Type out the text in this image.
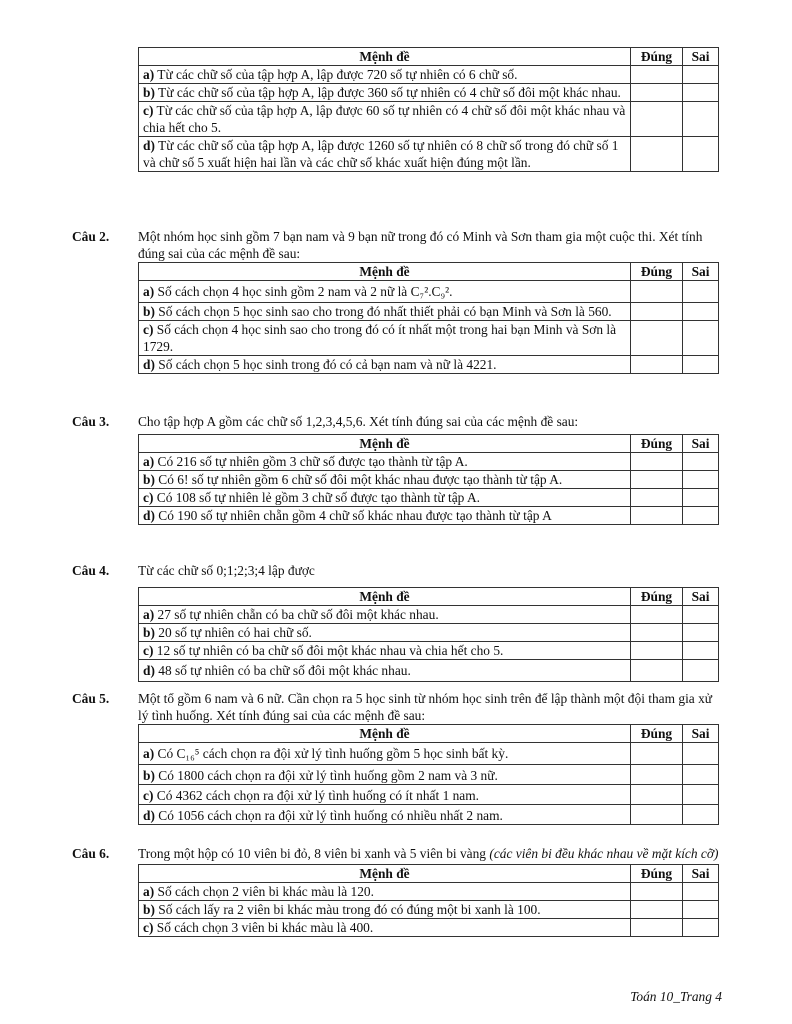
Mệnh đề	Đúng	Sai
a) Từ các chữ số của tập hợp A, lập được 720 số tự nhiên có 6 chữ số.		
b) Từ các chữ số của tập hợp A, lập được 360 số tự nhiên có 4 chữ số đôi một khác nhau.		
c) Từ các chữ số của tập hợp A, lập được 60 số tự nhiên có 4 chữ số đôi một khác nhau và chia hết cho 5.		
d) Từ các chữ số của tập hợp A, lập được 1260 số tự nhiên có 8 chữ số trong đó chữ số 1 và chữ số 5 xuất hiện hai lần và các chữ số khác xuất hiện đúng một lần.		
Câu 2.	Một nhóm học sinh gồm 7 bạn nam và 9 bạn nữ trong đó có Minh và Sơn tham gia một cuộc thi. Xét tính đúng sai của các mệnh đề sau:
Mệnh đề	Đúng	Sai
a) Số cách chọn 4 học sinh gồm 2 nam và 2 nữ là C₇².C₉².		
b) Số cách chọn 5 học sinh sao cho trong đó nhất thiết phải có bạn Minh và Sơn là 560.		
c) Số cách chọn 4 học sinh sao cho trong đó có ít nhất một trong hai bạn Minh và Sơn là 1729.		
d) Số cách chọn 5 học sinh trong đó có cả bạn nam và nữ là 4221.		
Câu 3.	Cho tập hợp A gồm các chữ số 1,2,3,4,5,6. Xét tính đúng sai của các mệnh đề sau:
Mệnh đề	Đúng	Sai
a) Có 216 số tự nhiên gồm 3 chữ số được tạo thành từ tập A.		
b) Có 6! số tự nhiên gồm 6 chữ số đôi một khác nhau được tạo thành từ tập A.		
c) Có 108 số tự nhiên lẻ gồm 3 chữ số được tạo thành từ tập A.		
d) Có 190 số tự nhiên chẵn gồm 4 chữ số khác nhau được tạo thành từ tập A		
Câu 4.	Từ các chữ số 0;1;2;3;4 lập được
Mệnh đề	Đúng	Sai
a) 27 số tự nhiên chẵn có ba chữ số đôi một khác nhau.		
b) 20 số tự nhiên có hai chữ số.		
c) 12 số tự nhiên có ba chữ số đôi một khác nhau và chia hết cho 5.		
d) 48 số tự nhiên có ba chữ số đôi một khác nhau.		
Câu 5.	Một tổ gồm 6 nam và 6 nữ. Cần chọn ra 5 học sinh từ nhóm học sinh trên để lập thành một đội tham gia xử lý tình huống. Xét tính đúng sai của các mệnh đề sau:
Mệnh đề	Đúng	Sai
a) Có C₁₆⁵ cách chọn ra đội xử lý tình huống gồm 5 học sinh bất kỳ.		
b) Có 1800 cách chọn ra đội xử lý tình huống gồm 2 nam và 3 nữ.		
c) Có 4362 cách chọn ra đội xử lý tình huống có ít nhất 1 nam.		
d) Có 1056 cách chọn ra đội xử lý tình huống có nhiều nhất 2 nam.		
Câu 6.	Trong một hộp có 10 viên bi đỏ, 8 viên bi xanh và 5 viên bi vàng (các viên bi đều khác nhau về mặt kích cỡ)
Mệnh đề	Đúng	Sai
a) Số cách chọn 2 viên bi khác màu là 120.		
b) Số cách lấy ra 2 viên bi khác màu trong đó có đúng một bi xanh là 100.		
c) Số cách chọn 3 viên bi khác màu là 400.		
Toán 10_Trang 4
